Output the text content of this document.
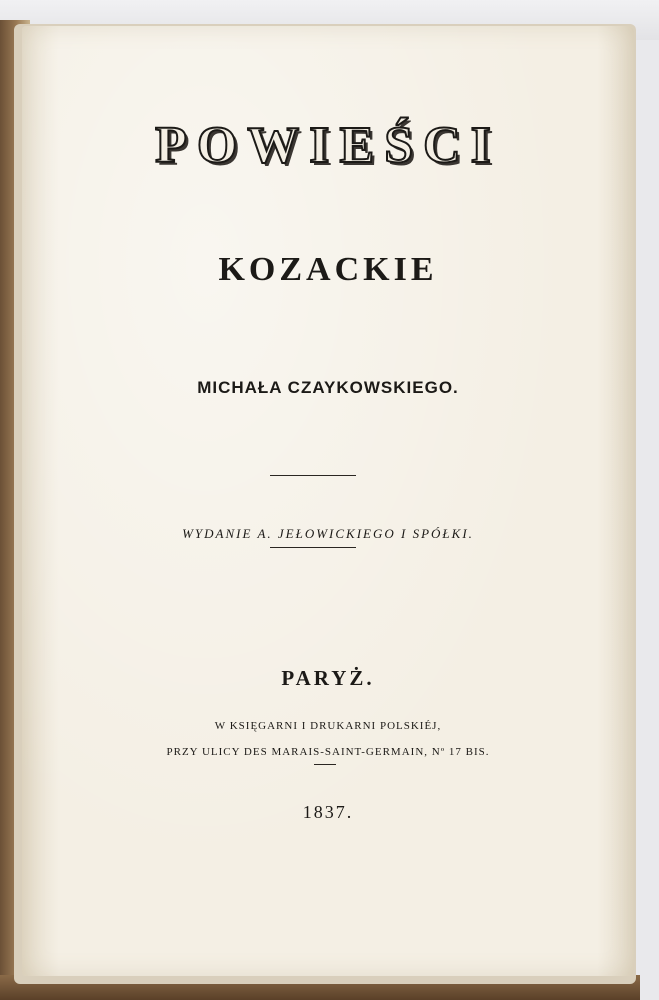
POWIEŚCI
KOZACKIE
MICHAŁA CZAYKOWSKIEGO.
WYDANIE A. JEŁOWICKIEGO I SPÓŁKI.
PARYŻ.
W KSIĘGARNI I DRUKARNI POLSKIÉJ,
PRZY ULICY DES MARAIS-SAINT-GERMAIN, Nº 17 BIS.
1837.
